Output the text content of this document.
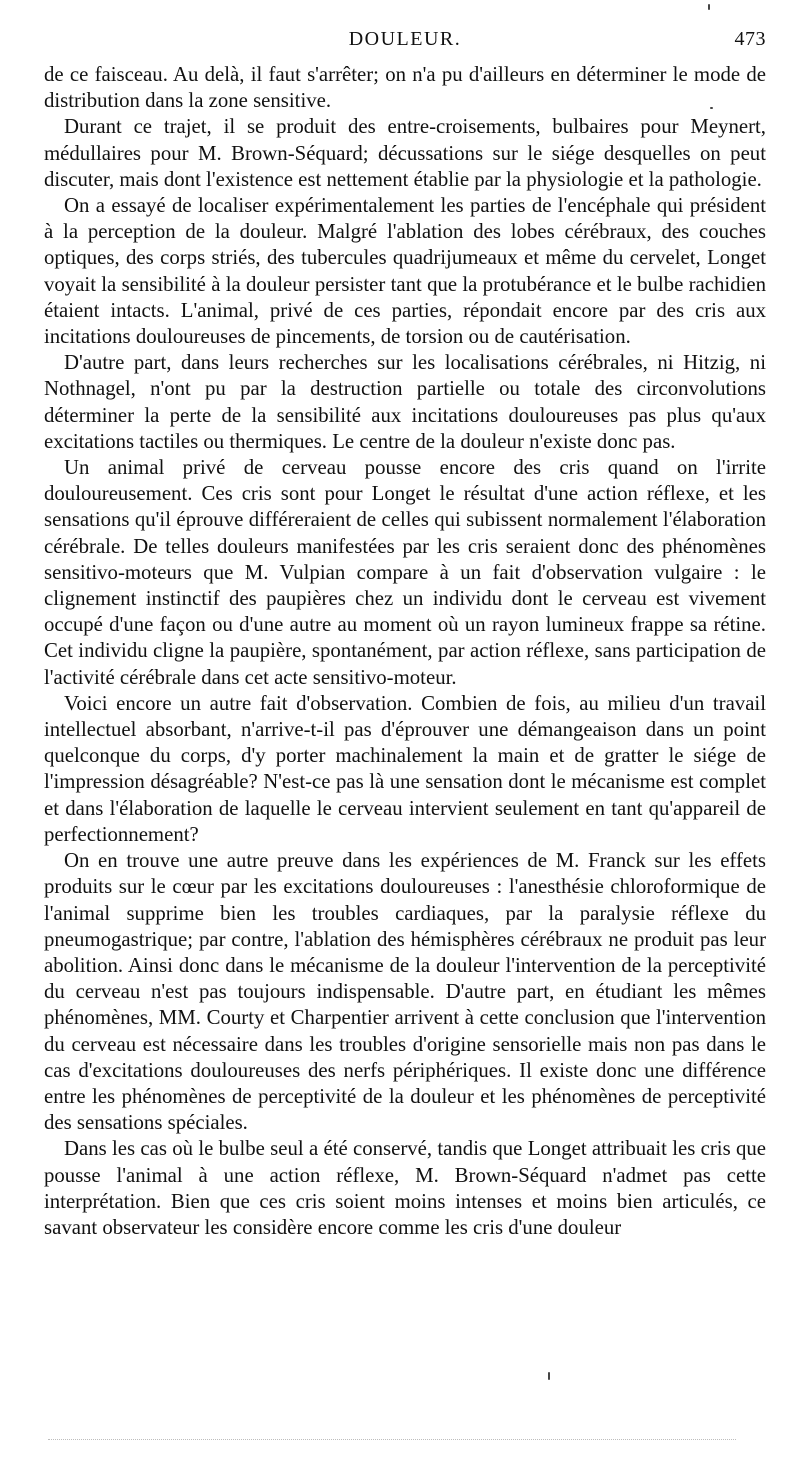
DOULEUR.	473

de ce faisceau. Au delà, il faut s'arrêter; on n'a pu d'ailleurs en déterminer le mode de distribution dans la zone sensitive.

Durant ce trajet, il se produit des entre-croisements, bulbaires pour Meynert, médullaires pour M. Brown-Séquard; décussations sur le siége desquelles on peut discuter, mais dont l'existence est nettement établie par la physiologie et la pathologie.

On a essayé de localiser expérimentalement les parties de l'encéphale qui président à la perception de la douleur. Malgré l'ablation des lobes cérébraux, des couches optiques, des corps striés, des tubercules quadrijumeaux et même du cervelet, Longet voyait la sensibilité à la douleur persister tant que la protubérance et le bulbe rachidien étaient intacts. L'animal, privé de ces parties, répondait encore par des cris aux incitations douloureuses de pincements, de torsion ou de cautérisation.

D'autre part, dans leurs recherches sur les localisations cérébrales, ni Hitzig, ni Nothnagel, n'ont pu par la destruction partielle ou totale des circonvolutions déterminer la perte de la sensibilité aux incitations douloureuses pas plus qu'aux excitations tactiles ou thermiques. Le centre de la douleur n'existe donc pas.

Un animal privé de cerveau pousse encore des cris quand on l'irrite douloureusement. Ces cris sont pour Longet le résultat d'une action réflexe, et les sensations qu'il éprouve différeraient de celles qui subissent normalement l'élaboration cérébrale. De telles douleurs manifestées par les cris seraient donc des phénomènes sensitivo-moteurs que M. Vulpian compare à un fait d'observation vulgaire : le clignement instinctif des paupières chez un individu dont le cerveau est vivement occupé d'une façon ou d'une autre au moment où un rayon lumineux frappe sa rétine. Cet individu cligne la paupière, spontanément, par action réflexe, sans participation de l'activité cérébrale dans cet acte sensitivo-moteur.

Voici encore un autre fait d'observation. Combien de fois, au milieu d'un travail intellectuel absorbant, n'arrive-t-il pas d'éprouver une démangeaison dans un point quelconque du corps, d'y porter machinalement la main et de gratter le siége de l'impression désagréable? N'est-ce pas là une sensation dont le mécanisme est complet et dans l'élaboration de laquelle le cerveau intervient seulement en tant qu'appareil de perfectionnement?

On en trouve une autre preuve dans les expériences de M. Franck sur les effets produits sur le cœur par les excitations douloureuses : l'anesthésie chloroformique de l'animal supprime bien les troubles cardiaques, par la paralysie réflexe du pneumogastrique; par contre, l'ablation des hémisphères cérébraux ne produit pas leur abolition. Ainsi donc dans le mécanisme de la douleur l'intervention de la perceptivité du cerveau n'est pas toujours indispensable. D'autre part, en étudiant les mêmes phénomènes, MM. Courty et Charpentier arrivent à cette conclusion que l'intervention du cerveau est nécessaire dans les troubles d'origine sensorielle mais non pas dans le cas d'excitations douloureuses des nerfs périphériques. Il existe donc une différence entre les phénomènes de perceptivité de la douleur et les phénomènes de perceptivité des sensations spéciales.

Dans les cas où le bulbe seul a été conservé, tandis que Longet attribuait les cris que pousse l'animal à une action réflexe, M. Brown-Séquard n'admet pas cette interprétation. Bien que ces cris soient moins intenses et moins bien articulés, ce savant observateur les considère encore comme les cris d'une douleur
